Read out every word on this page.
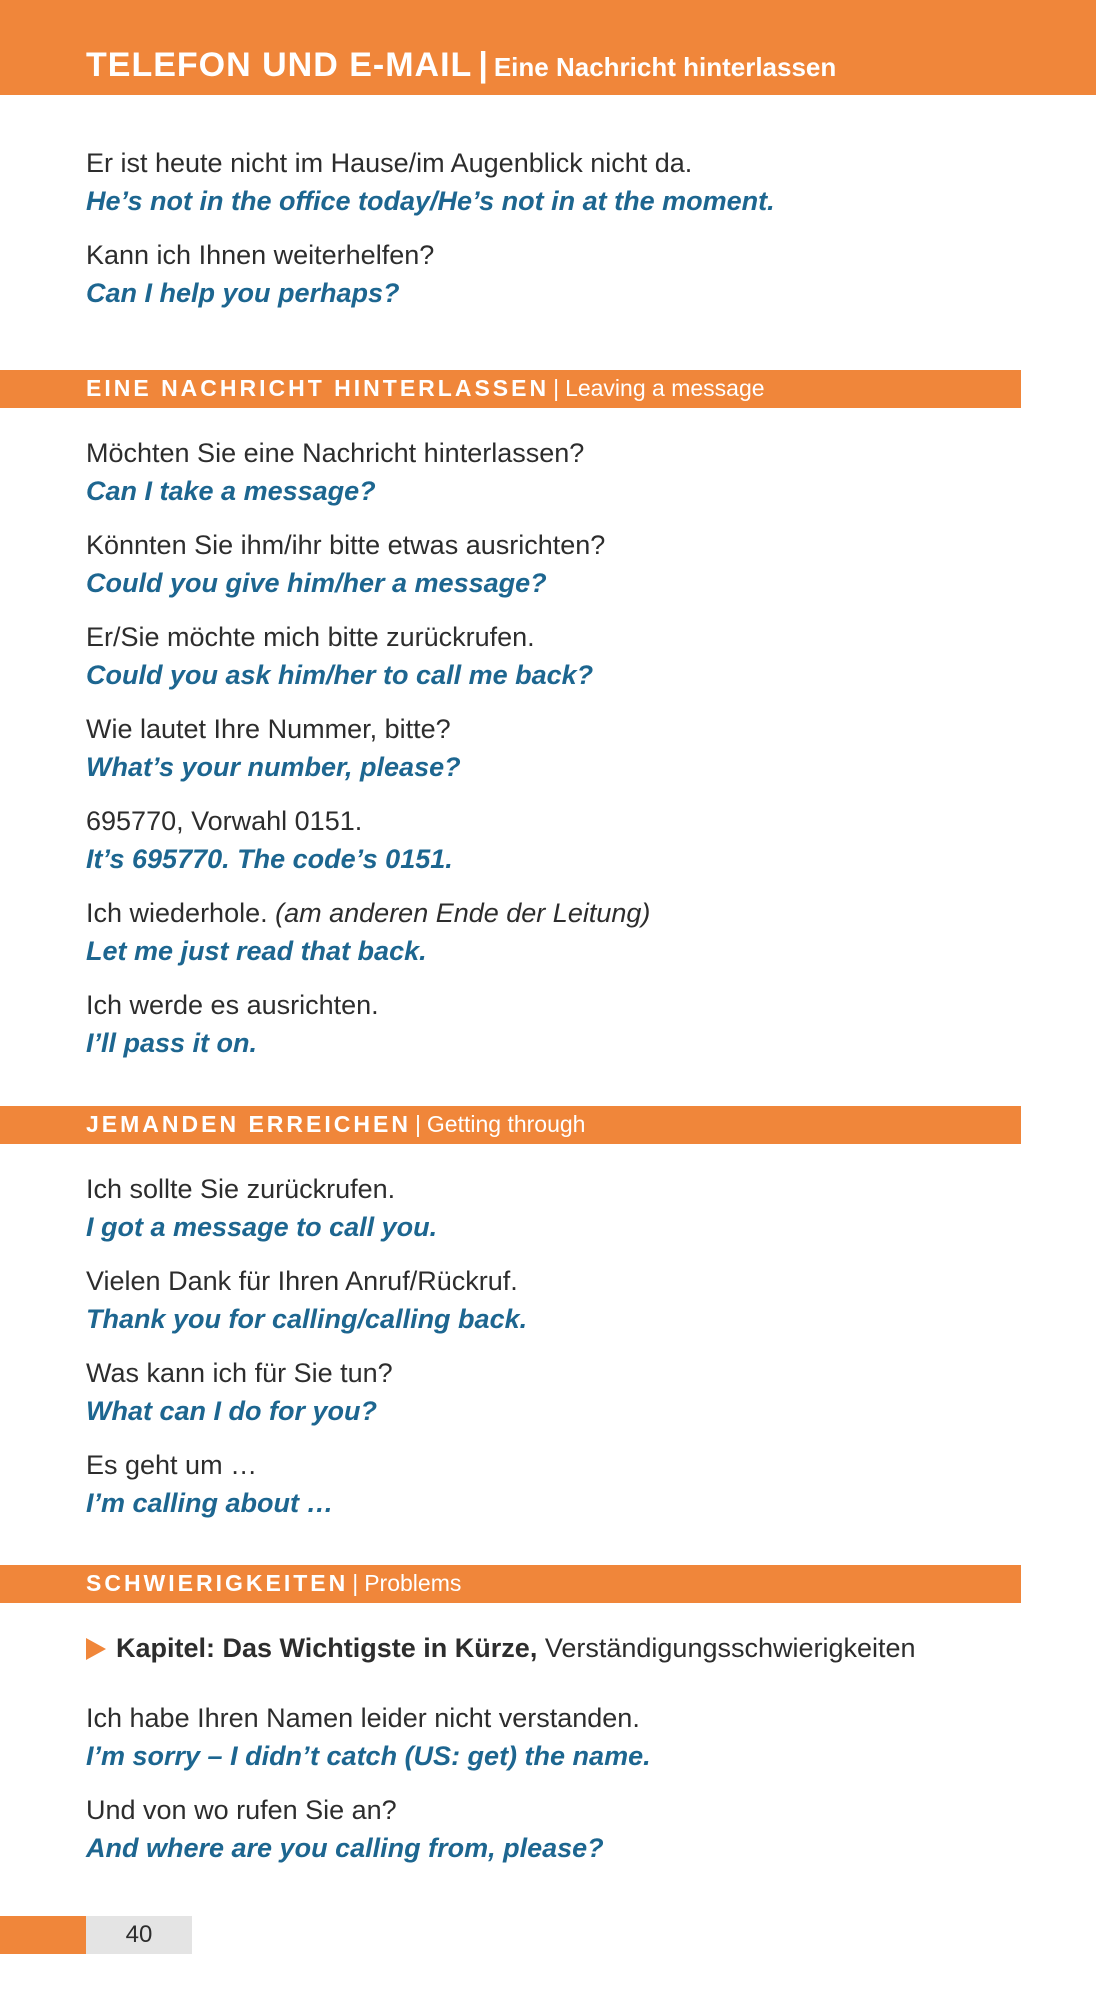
TELEFON UND E-MAIL | Eine Nachricht hinterlassen
Er ist heute nicht im Hause/im Augenblick nicht da.
He’s not in the office today/He’s not in at the moment.
Kann ich Ihnen weiterhelfen?
Can I help you perhaps?
EINE NACHRICHT HINTERLASSEN | Leaving a message
Möchten Sie eine Nachricht hinterlassen?
Can I take a message?
Könnten Sie ihm/ihr bitte etwas ausrichten?
Could you give him/her a message?
Er/Sie möchte mich bitte zurückrufen.
Could you ask him/her to call me back?
Wie lautet Ihre Nummer, bitte?
What’s your number, please?
695770, Vorwahl 0151.
It’s 695770. The code’s 0151.
Ich wiederhole. (am anderen Ende der Leitung)
Let me just read that back.
Ich werde es ausrichten.
I’ll pass it on.
JEMANDEN ERREICHEN | Getting through
Ich sollte Sie zurückrufen.
I got a message to call you.
Vielen Dank für Ihren Anruf/Rückruf.
Thank you for calling/calling back.
Was kann ich für Sie tun?
What can I do for you?
Es geht um …
I’m calling about …
SCHWIERIGKEITEN | Problems
Kapitel: Das Wichtigste in Kürze, Verständigungsschwierigkeiten
Ich habe Ihren Namen leider nicht verstanden.
I’m sorry – I didn’t catch (US: get) the name.
Und von wo rufen Sie an?
And where are you calling from, please?
40
